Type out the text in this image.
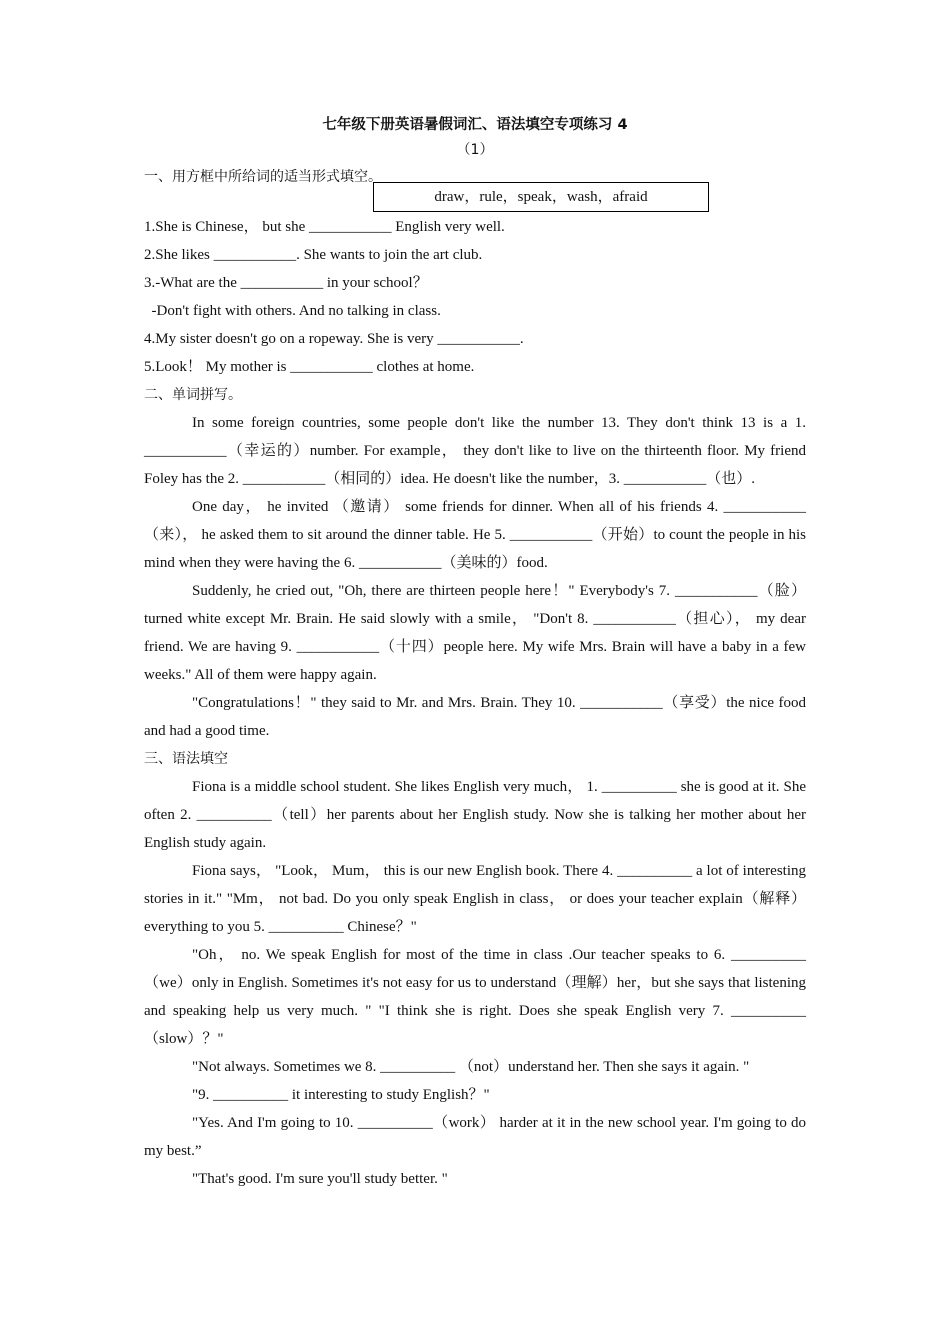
七年级下册英语暑假词汇、语法填空专项练习 4
（1）
一、用方框中所给词的适当形式填空。
draw，rule，speak，wash，afraid
1.She is Chinese， but she ___________ English very well.
2.She likes ___________. She wants to join the art club.
3.-What are the ___________ in your school？
-Don't fight with others. And no talking in class.
4.My sister doesn't go on a ropeway. She is very ___________.
5.Look！ My mother is ___________ clothes at home.
二、单词拼写。

In some foreign countries, some people don't like the number 13. They don't think 13 is a 1. ___________（幸运的）number. For example， they don't like to live on the thirteenth floor. My friend Foley has the 2. ___________（相同的）idea. He doesn't like the number，3. ___________（也）.

One day， he invited （邀请） some friends for dinner. When all of his friends 4. ___________（来）， he asked them to sit around the dinner table. He 5. ___________（开始）to count the people in his mind when they were having the 6. ___________（美味的）food.

Suddenly, he cried out, "Oh, there are thirteen people here！" Everybody's 7. ___________（脸）turned white except Mr. Brain. He said slowly with a smile， "Don't 8. ___________（担心）， my dear friend. We are having 9. ___________（十四）people here. My wife Mrs. Brain will have a baby in a few weeks." All of them were happy again.

"Congratulations！" they said to Mr. and Mrs. Brain. They 10. ___________（享受）the nice food and had a good time.

三、语法填空

Fiona is a middle school student. She likes English very much， 1. __________ she is good at it. She often 2. __________（tell）her parents about her English study. Now she is talking her mother about her English study again.

Fiona says， "Look， Mum， this is our new English book. There 4. __________ a lot of interesting stories in it." "Mm， not bad. Do you only speak English in class， or does your teacher explain（解释）everything to you 5. __________ Chinese？"

"Oh， no. We speak English for most of the time in class .Our teacher speaks to 6. __________（we）only in English. Sometimes it's not easy for us to understand（理解）her，but she says that listening and speaking help us very much. " "I think she is right. Does she speak English very 7. __________（slow）？"

"Not always. Sometimes we 8. __________ （not）understand her. Then she says it again. "

"9. __________ it interesting to study English？"

"Yes. And I'm going to 10. __________（work） harder at it in the new school year. I'm going to do my best.”

"That's good. I'm sure you'll study better. "
